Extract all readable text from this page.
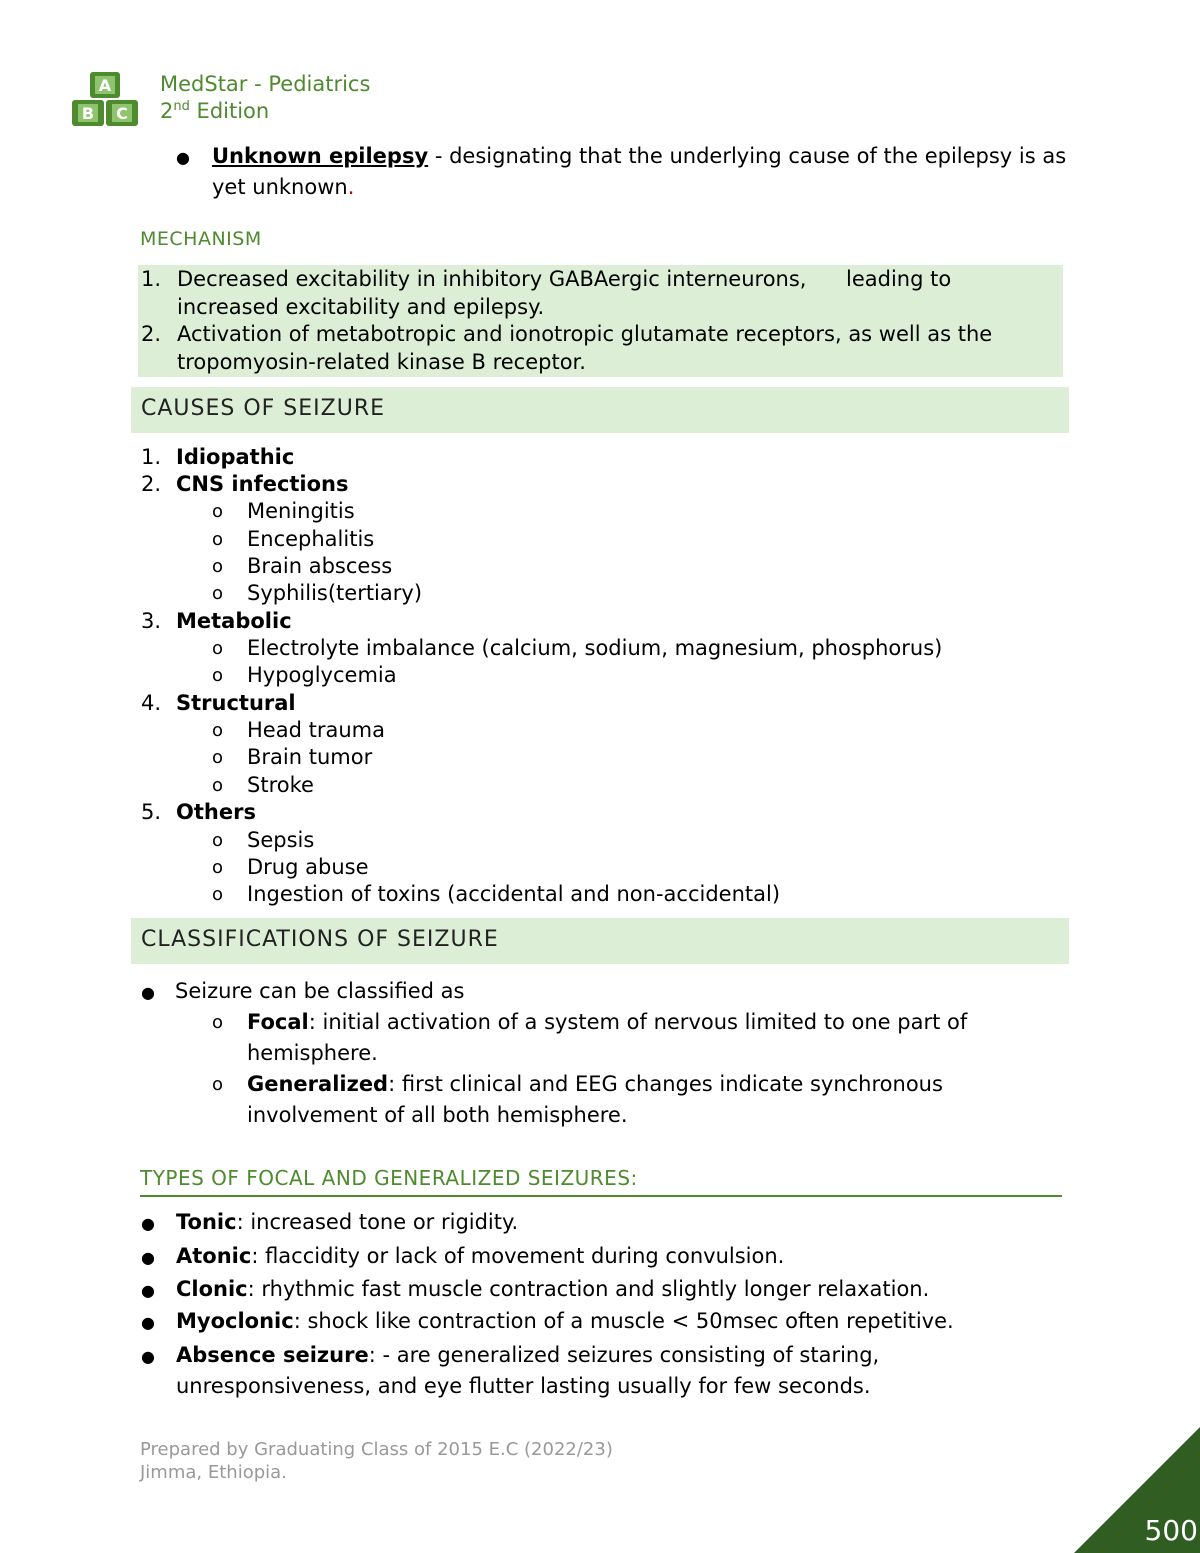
A
B C
MedStar - Pediatrics
2nd Edition
● Unknown epilepsy - designating that the underlying cause of the epilepsy is as
yet unknown.
MECHANISM
1. Decreased excitability in inhibitory GABAergic interneurons, leading to
increased excitability and epilepsy.
2. Activation of metabotropic and ionotropic glutamate receptors, as well as the
tropomyosin-related kinase B receptor.
CAUSES OF SEIZURE
1. Idiopathic
2. CNS infections
o Meningitis
o Encephalitis
o Brain abscess
o Syphilis(tertiary)
3. Metabolic
o Electrolyte imbalance (calcium, sodium, magnesium, phosphorus)
o Hypoglycemia
4. Structural
o Head trauma
o Brain tumor
o Stroke
5. Others
o Sepsis
o Drug abuse
o Ingestion of toxins (accidental and non-accidental)
CLASSIFICATIONS OF SEIZURE
● Seizure can be classified as
o Focal: initial activation of a system of nervous limited to one part of
hemisphere.
o Generalized: first clinical and EEG changes indicate synchronous
involvement of all both hemisphere.
TYPES OF FOCAL AND GENERALIZED SEIZURES:
● Tonic: increased tone or rigidity.
● Atonic: flaccidity or lack of movement during convulsion.
● Clonic: rhythmic fast muscle contraction and slightly longer relaxation.
● Myoclonic: shock like contraction of a muscle < 50msec often repetitive.
● Absence seizure: - are generalized seizures consisting of staring,
unresponsiveness, and eye flutter lasting usually for few seconds.
Prepared by Graduating Class of 2015 E.C (2022/23)
Jimma, Ethiopia.
500
